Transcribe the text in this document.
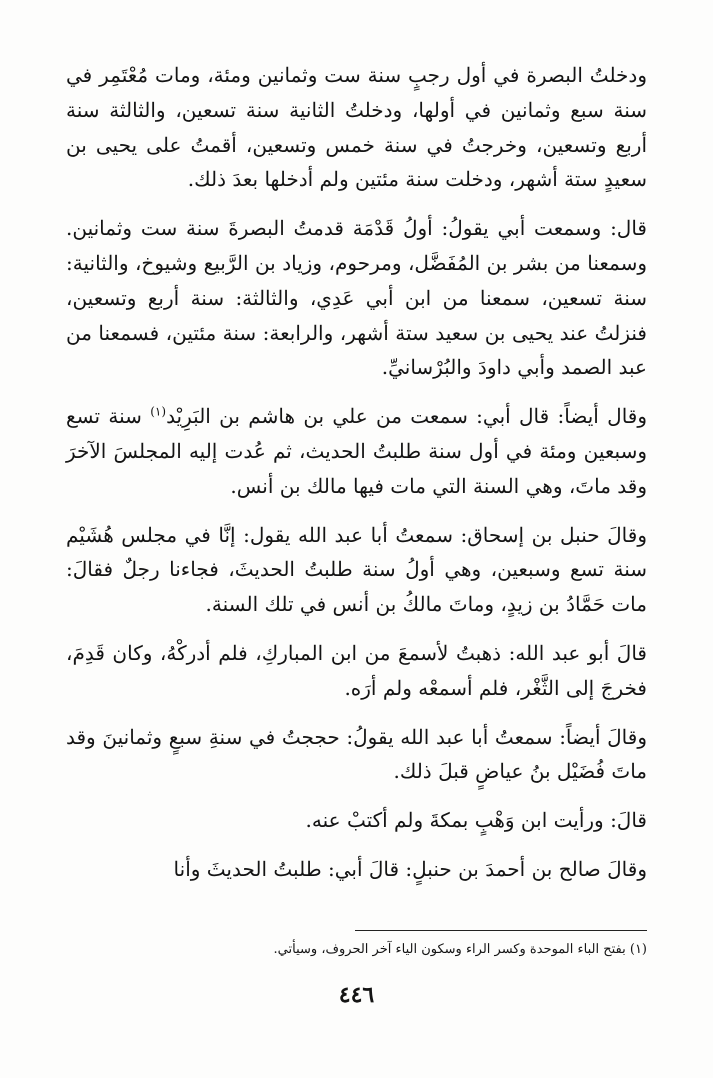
ودخلتُ البصرة في أول رجبٍ سنة ست وثمانين ومئة، ومات مُعْتَمِر في سنة سبع وثمانين في أولها، ودخلتُ الثانية سنة تسعين، والثالثة سنة أربع وتسعين، وخرجتُ في سنة خمس وتسعين، أقمتُ على يحيى بن سعيدٍ ستة أشهر، ودخلت سنة مئتين ولم أدخلها بعدَ ذلك.

قال: وسمعت أبي يقولُ: أولُ قَدْمَة قدمتُ البصرةَ سنة ست وثمانين. وسمعنا من بشر بن المُفَضَّل، ومرحوم، وزياد بن الرَّبيع وشيوخ، والثانية: سنة تسعين، سمعنا من ابن أبي عَدِي، والثالثة: سنة أربع وتسعين، فنزلتُ عند يحيى بن سعيد ستة أشهر، والرابعة: سنة مئتين، فسمعنا من عبد الصمد وأبي داودَ والبُرْسانيِّ.

وقال أيضاً: قال أبي: سمعت من علي بن هاشم بن البَرِيْد$^{(١)}$ سنة تسع وسبعين ومئة في أول سنة طلبتُ الحديث، ثم عُدت إليه المجلسَ الآخرَ وقد ماتَ، وهي السنة التي مات فيها مالك بن أنس.

وقالَ حنبل بن إسحاق: سمعتُ أبا عبد الله يقول: إنَّا في مجلس هُشَيْم سنة تسع وسبعين، وهي أولُ سنة طلبتُ الحديثَ، فجاءنا رجلٌ فقالَ: مات حَمَّادُ بن زيدٍ، وماتَ مالكُ بن أنس في تلك السنة.

قالَ أبو عبد الله: ذهبتُ لأسمعَ من ابن المباركِ، فلم أدركْهُ، وكان قَدِمَ، فخرجَ إلى الثَّغْر، فلم أسمعْه ولم أرَه.

وقالَ أيضاً: سمعتُ أبا عبد الله يقولُ: حججتُ في سنةِ سبعٍ وثمانينَ وقد ماتَ فُضَيْل بنُ عياضٍ قبلَ ذلك.

قالَ: ورأيت ابن وَهْبٍ بمكةَ ولم أكتبْ عنه.

وقالَ صالح بن أحمدَ بن حنبلٍ: قالَ أبي: طلبتُ الحديثَ وأنا

(١) بفتح الباء الموحدة وكسر الراء وسكون الياء آخر الحروف، وسيأتي.
٤٤٦
